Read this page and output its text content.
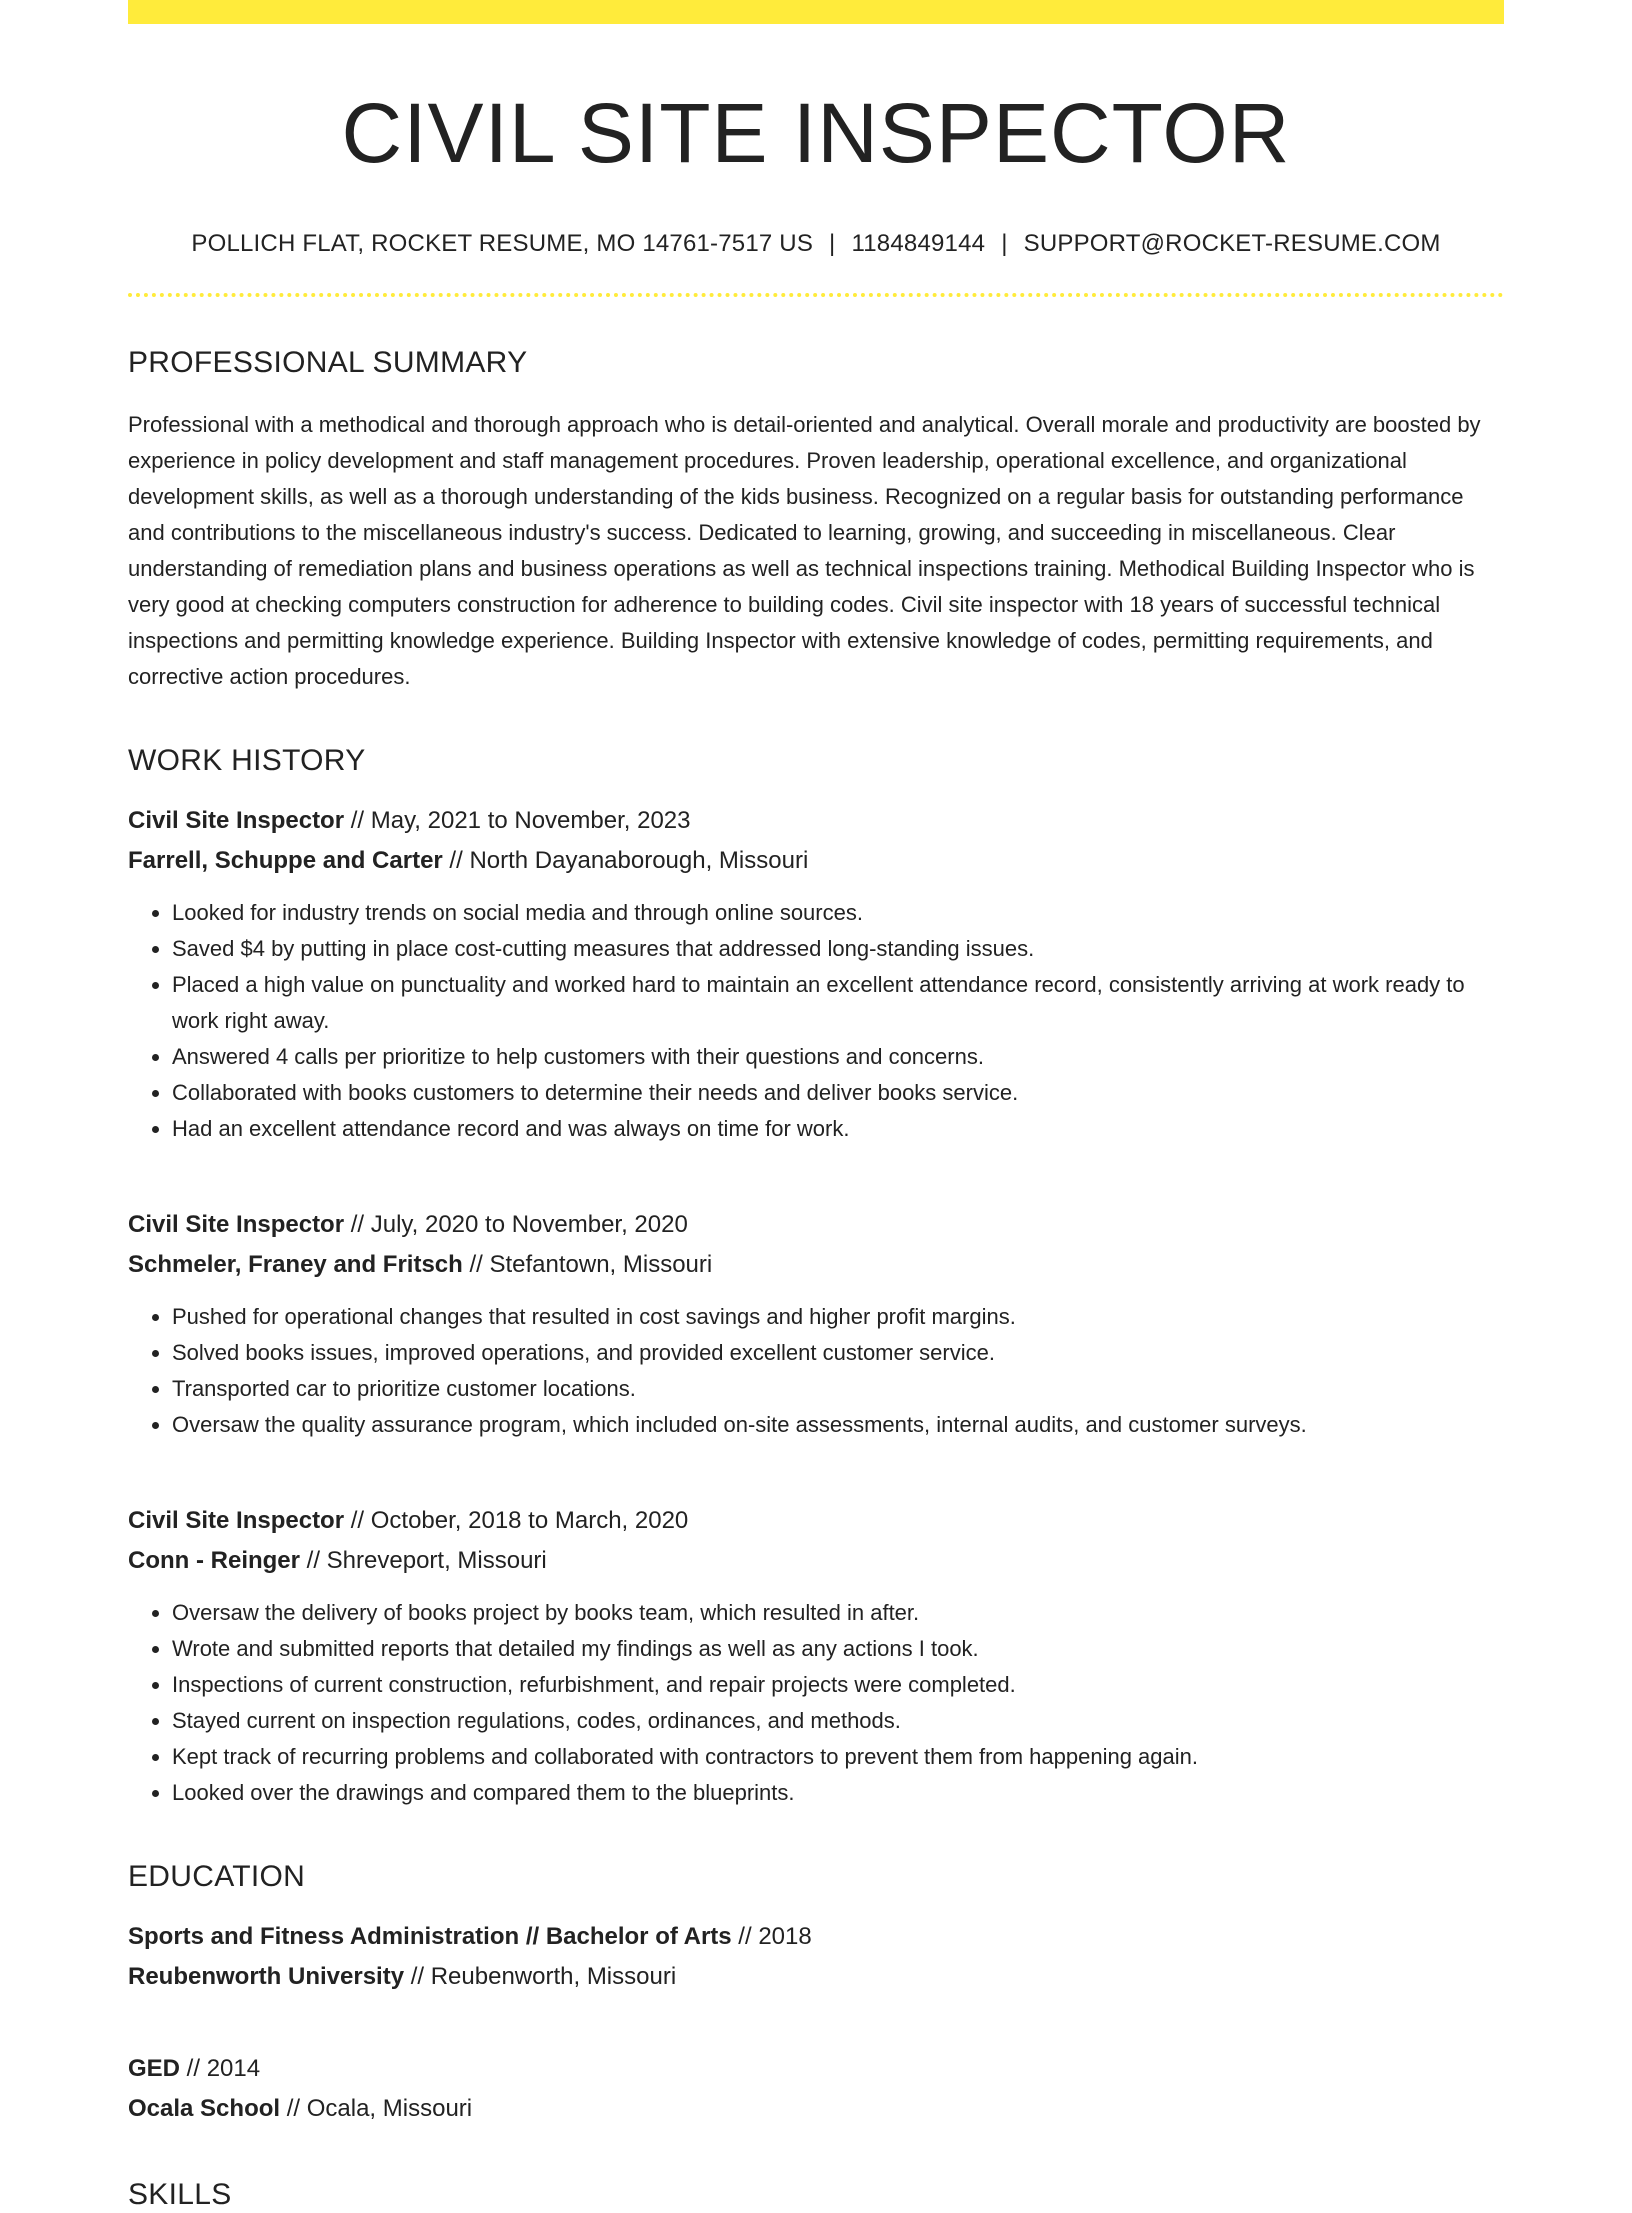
CIVIL SITE INSPECTOR
POLLICH FLAT, ROCKET RESUME, MO 14761-7517 US | 1184849144 | SUPPORT@ROCKET-RESUME.COM
PROFESSIONAL SUMMARY

Professional with a methodical and thorough approach who is detail-oriented and analytical. Overall morale and productivity are boosted by experience in policy development and staff management procedures. Proven leadership, operational excellence, and organizational development skills, as well as a thorough understanding of the kids business. Recognized on a regular basis for outstanding performance and contributions to the miscellaneous industry's success. Dedicated to learning, growing, and succeeding in miscellaneous. Clear understanding of remediation plans and business operations as well as technical inspections training. Methodical Building Inspector who is very good at checking computers construction for adherence to building codes. Civil site inspector with 18 years of successful technical inspections and permitting knowledge experience. Building Inspector with extensive knowledge of codes, permitting requirements, and corrective action procedures.

WORK HISTORY
Civil Site Inspector // May, 2021 to November, 2023
Farrell, Schuppe and Carter // North Dayanaborough, Missouri
• Looked for industry trends on social media and through online sources.
• Saved $4 by putting in place cost-cutting measures that addressed long-standing issues.
• Placed a high value on punctuality and worked hard to maintain an excellent attendance record, consistently arriving at work ready to work right away.
• Answered 4 calls per prioritize to help customers with their questions and concerns.
• Collaborated with books customers to determine their needs and deliver books service.
• Had an excellent attendance record and was always on time for work.
Civil Site Inspector // July, 2020 to November, 2020
Schmeler, Franey and Fritsch // Stefantown, Missouri
• Pushed for operational changes that resulted in cost savings and higher profit margins.
• Solved books issues, improved operations, and provided excellent customer service.
• Transported car to prioritize customer locations.
• Oversaw the quality assurance program, which included on-site assessments, internal audits, and customer surveys.
Civil Site Inspector // October, 2018 to March, 2020
Conn - Reinger // Shreveport, Missouri
• Oversaw the delivery of books project by books team, which resulted in after.
• Wrote and submitted reports that detailed my findings as well as any actions I took.
• Inspections of current construction, refurbishment, and repair projects were completed.
• Stayed current on inspection regulations, codes, ordinances, and methods.
• Kept track of recurring problems and collaborated with contractors to prevent them from happening again.
• Looked over the drawings and compared them to the blueprints.
EDUCATION
Sports and Fitness Administration // Bachelor of Arts // 2018
Reubenworth University // Reubenworth, Missouri
GED // 2014
Ocala School // Ocala, Missouri
SKILLS
